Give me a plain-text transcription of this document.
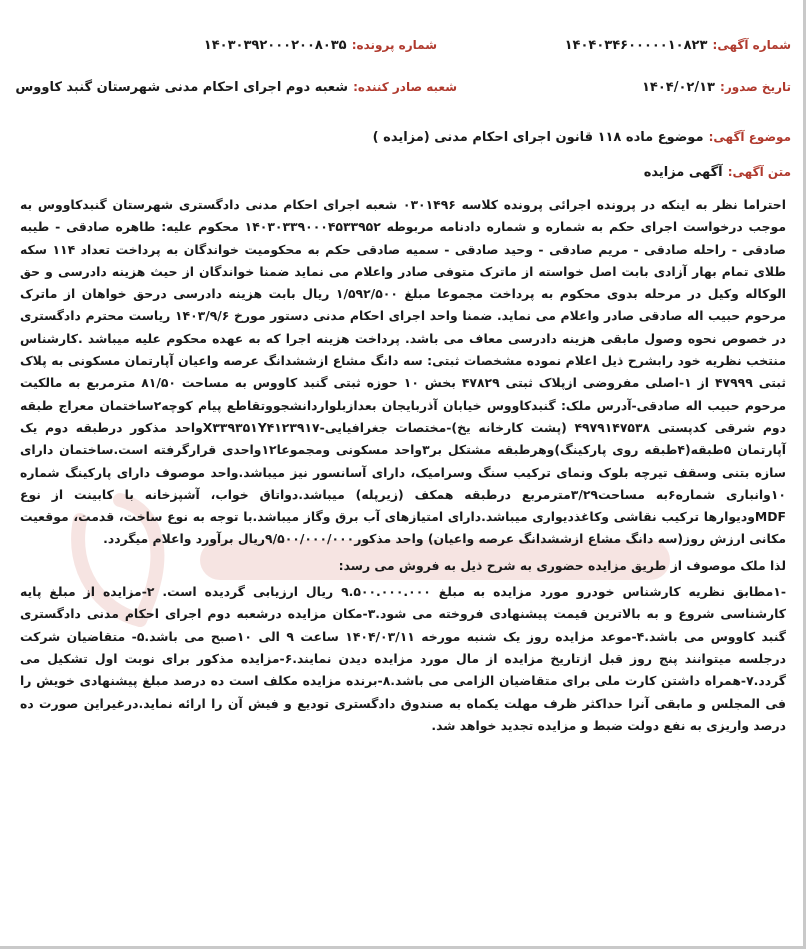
شماره آگهی: ۱۴۰۴۰۳۴۶۰۰۰۰۰۱۰۸۲۳
شماره پرونده: ۱۴۰۳۰۳۹۲۰۰۰۲۰۰۸۰۳۵
تاریخ صدور: ۱۴۰۴/۰۲/۱۳
شعبه صادر کننده: شعبه دوم اجرای احکام مدنی شهرستان گنبد کاووس
موضوع آگهی: موضوع ماده ۱۱۸ قانون اجرای احکام مدنی (مزایده )
متن آگهی: آگهی مزایده

احتراما نظر به اینکه در پرونده اجرائی پرونده کلاسه ۰۳۰۱۴۹۶ شعبه اجرای احکام مدنی دادگستری شهرستان گنبدکاووس به موجب درخواست اجرای حکم به شماره و شماره دادنامه مربوطه ۱۴۰۳۰۳۳۹۰۰۰۴۵۳۳۹۵۲ محکوم علیه: طاهره صادقی - طیبه صادقی - راحله صادقی - مریم صادقی - وحید صادقی - سمیه صادقی حکم به محکومیت خواندگان به پرداخت تعداد ۱۱۴ سکه طلای تمام بهار آزادی بابت اصل خواسته از ماترک متوفی صادر واعلام می نماید ضمنا خواندگان از حیث هزینه دادرسی و حق الوکاله وکیل در مرحله بدوی محکوم به پرداخت مجموعا مبلغ ۱/۵۹۲/۵۰۰ ریال بابت هزینه دادرسی درحق خواهان از ماترک مرحوم حبیب اله صادقی صادر واعلام می نماید. ضمنا واحد اجرای احکام مدنی دستور مورخ ۱۴۰۳/۹/۶ ریاست محترم دادگستری در خصوص نحوه وصول مابقی هزینه دادرسی معاف می باشد. پرداخت هزینه اجرا که به عهده محکوم علیه میباشد .کارشناس منتخب نظریه خود رابشرح ذیل اعلام نموده مشخصات ثبتی: سه دانگ مشاع ازششدانگ عرصه واعیان آپارتمان مسکونی به پلاک ثبتی ۴۷۹۹۹ از ۱-اصلی مفروضی ازپلاک ثبتی ۴۷۸۲۹ بخش ۱۰ حوزه ثبتی گنبد کاووس به مساحت ۸۱/۵۰ مترمربع به مالکیت مرحوم حبیب اله صادقی-آدرس ملک: گنبدکاووس خیابان آذربایجان بعدازبلواردانشجووتقاطع پیام کوچه۲ساختمان معراج طبقه دوم شرقی کدپستی ۴۹۷۹۱۴۷۵۳۸ (پشت کارخانه یخ)-مختصات جغرافیایی-X۳۳۹۳۵۱Y۴۱۲۳۹۱۷واحد مذکور درطبقه دوم یک آپارتمان ۵طبقه(۴طبقه روی پارکینگ)وهرطبقه مشتکل بر۳واحد مسکونی ومجموعا۱۲واحدی قرارگرفته است.ساختمان دارای سازه بتنی وسقف تیرچه بلوک ونمای ترکیب سنگ وسرامیک، دارای آسانسور نیز میباشد.واحد موصوف دارای پارکینگ شماره ۱۰وانباری شماره۶به مساحت۳/۲۹مترمربع درطبقه همکف (زیرپله) میباشد.دواتاق خواب، آشپزخانه با کابینت از نوع MDFودیوارها ترکیب نقاشی وکاغذدیواری میباشد.دارای امتیازهای آب برق وگاز میباشد.با توجه به نوع ساخت، قدمت، موقعیت مکانی ارزش روز(سه دانگ مشاع ازششدانگ عرصه واعیان) واحد مذکور۹/۵۰۰/۰۰۰/۰۰۰ریال برآورد واعلام میگردد.

لذا ملک موصوف از طریق مزایده حضوری به شرح ذیل به فروش می رسد:

-۱مطابق نظریه کارشناس خودرو مورد مزایده به مبلغ ۹.۵۰۰.۰۰۰.۰۰۰ ریال ارزیابی گردیده است. ۲-مزایده از مبلغ پایه کارشناسی شروع و به بالاترین قیمت پیشنهادی فروخته می شود.۳-مکان مزایده درشعبه دوم اجرای احکام مدنی دادگستری گنبد کاووس می باشد.۴-موعد مزایده روز یک شنبه مورخه ۱۴۰۴/۰۳/۱۱ ساعت ۹ الی ۱۰صبح می باشد.۵- متقاضیان شرکت درجلسه میتوانند پنج روز قبل ازتاریخ مزایده از مال مورد مزایده دیدن نمایند.۶-مزایده مذکور برای نوبت اول تشکیل می گردد.۷-همراه داشتن کارت ملی برای متقاضیان الزامی می باشد.۸-برنده مزایده مکلف است ده درصد مبلغ پیشنهادی خویش را فی المجلس و مابقی آنرا حداکثر ظرف مهلت یکماه به صندوق دادگستری تودیع و فیش آن را ارائه نماید.درغیراین صورت ده درصد واریزی به نفع دولت ضبط و مزایده تجدید خواهد شد.
